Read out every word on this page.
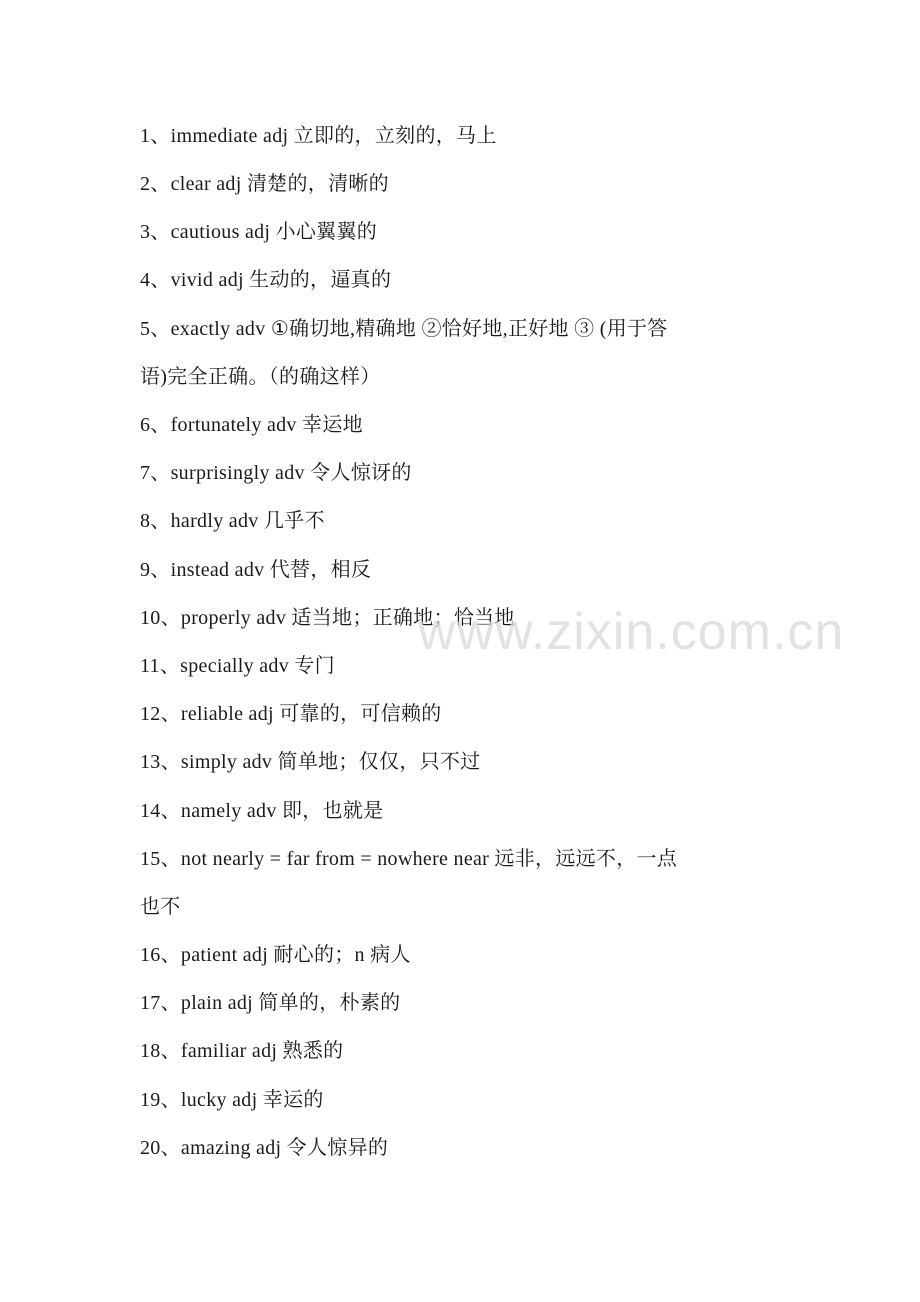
1、immediate adj 立即的，立刻的，马上
2、clear adj 清楚的，清晰的
3、cautious adj 小心翼翼的
4、vivid adj 生动的，逼真的
5、exactly adv ①确切地,精确地 ②恰好地,正好地 ③ (用于答
语)完全正确。（的确这样）
6、fortunately adv 幸运地
7、surprisingly adv 令人惊讶的
8、hardly adv 几乎不
9、instead adv 代替，相反
10、properly adv 适当地；正确地；恰当地
11、specially adv 专门
12、reliable adj 可靠的，可信赖的
13、simply adv 简单地；仅仅，只不过
14、namely adv 即，也就是
15、not nearly = far from = nowhere near 远非，远远不，一点
也不
16、patient adj 耐心的；n 病人
17、plain adj 简单的，朴素的
18、familiar adj 熟悉的
19、lucky adj 幸运的
20、amazing adj 令人惊异的
www.zixin.com.cn
